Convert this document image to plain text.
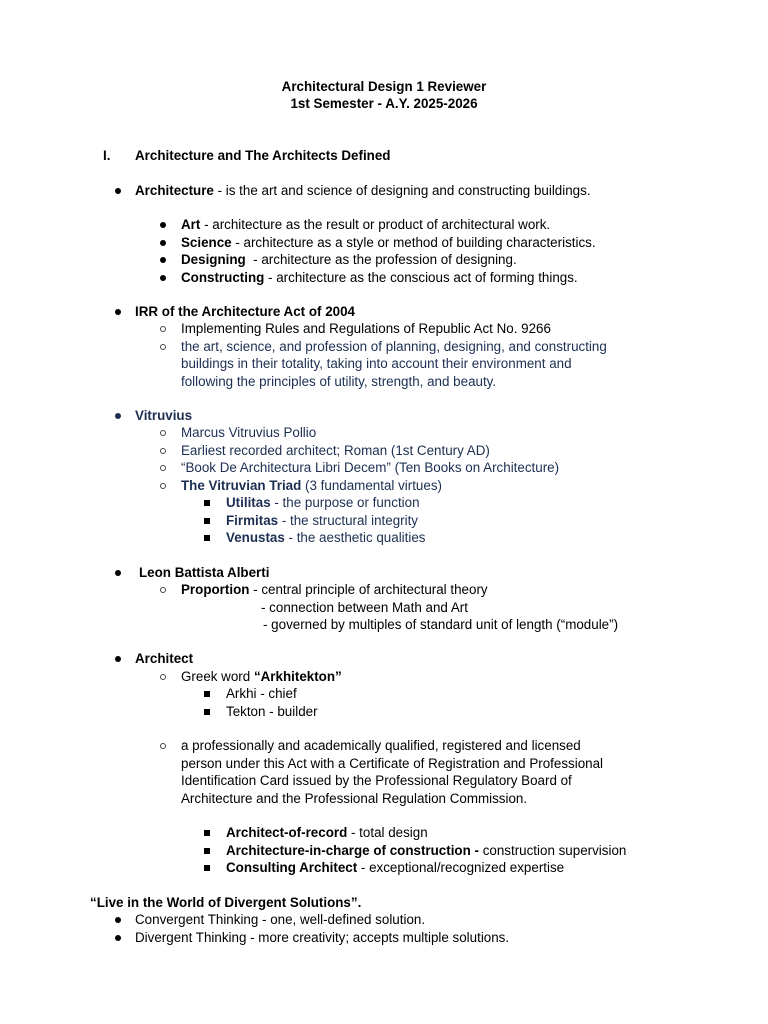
Architectural Design 1 Reviewer
1st Semester - A.Y. 2025-2026
I. Architecture and The Architects Defined
Architecture - is the art and science of designing and constructing buildings.
Art - architecture as the result or product of architectural work.
Science - architecture as a style or method of building characteristics.
Designing  - architecture as the profession of designing.
Constructing - architecture as the conscious act of forming things.
IRR of the Architecture Act of 2004
Implementing Rules and Regulations of Republic Act No. 9266
the art, science, and profession of planning, designing, and constructing
buildings in their totality, taking into account their environment and
following the principles of utility, strength, and beauty.
Vitruvius
Marcus Vitruvius Pollio
Earliest recorded architect; Roman (1st Century AD)
“Book De Architectura Libri Decem” (Ten Books on Architecture)
The Vitruvian Triad (3 fundamental virtues)
Utilitas - the purpose or function
Firmitas - the structural integrity
Venustas - the aesthetic qualities
Leon Battista Alberti
Proportion - central principle of architectural theory
- connection between Math and Art
- governed by multiples of standard unit of length (“module”)
Architect
Greek word “Arkhitekton”
Arkhi - chief
Tekton - builder
a professionally and academically qualified, registered and licensed
person under this Act with a Certificate of Registration and Professional
Identification Card issued by the Professional Regulatory Board of
Architecture and the Professional Regulation Commission.
Architect-of-record - total design
Architecture-in-charge of construction - construction supervision
Consulting Architect - exceptional/recognized expertise
“Live in the World of Divergent Solutions”.
Convergent Thinking - one, well-defined solution.
Divergent Thinking - more creativity; accepts multiple solutions.
